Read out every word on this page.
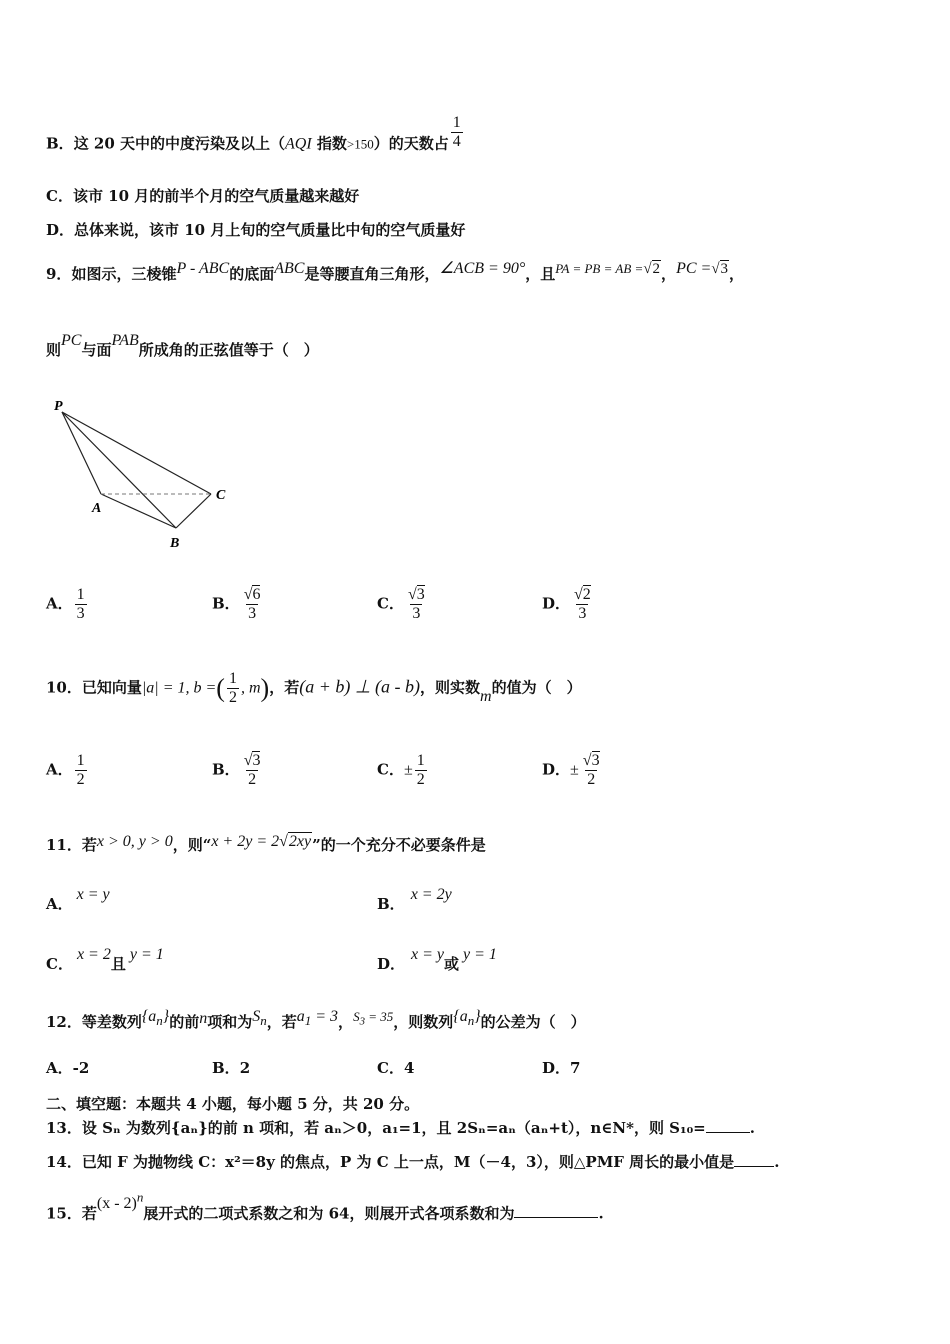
B．这 20 天中的中度污染及以上（AQI 指数>150）的天数占 $\frac{1}{4}$
C．该市 10 月的前半个月的空气质量越来越好
D．总体来说，该市 10 月上旬的空气质量比中旬的空气质量好
9．如图示，三棱锥P - ABC的底面ABC是等腰直角三角形，∠ACB = 90°，且PA = PB = AB =√2，PC =√3，
则PC与面PAB所成角的正弦值等于（　）
P
A
B
C
A． $\frac{1}{3}$	B． $\frac{√6}{3}$	C． $\frac{√3}{3}$	D． $\frac{√2}{3}$
10．已知向量|a| = 1, b =( $\frac{1}{2}$ , m)，若(a + b) ⊥ (a - b)，则实数m的值为（　）
A． $\frac{1}{2}$	B． $\frac{√3}{2}$	C．± $\frac{1}{2}$	D．± $\frac{√3}{2}$
11．若x > 0, y > 0，则“x + 2y = 2√2xy”的一个充分不必要条件是
A．x = y
B．x = 2y
C．x = 2且y = 1
D．x = y或y = 1
12．等差数列$\{a_n\}$的前n项和为$S_n$，若$a_1 = 3$，$S_3 = 35$，则数列$\{a_n\}$的公差为（　）
A．-2	B．2	C．4	D．7
二、填空题：本题共 4 小题，每小题 5 分，共 20 分。
13．设 Sₙ 为数列{aₙ}的前 n 项和，若 aₙ＞0，a₁=1，且 2Sₙ=aₙ（aₙ+t），n∈N*，则 S₁₀=	.
14．已知 F 为抛物线 C：x²＝8y 的焦点，P 为 C 上一点，M（－4，3），则△PMF 周长的最小值是	.
15．若(x - 2)$^n$展开式的二项式系数之和为 64，则展开式各项系数和为	.
